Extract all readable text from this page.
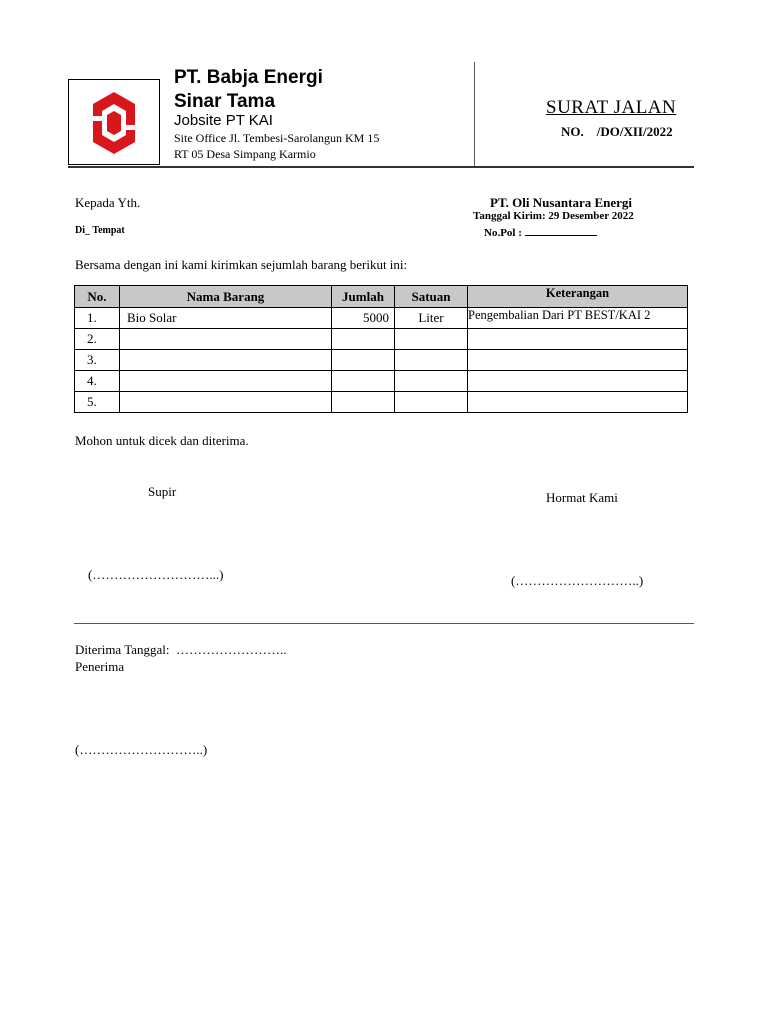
PT. Babja Energi
Sinar Tama
Jobsite PT KAI
Site Office Jl. Tembesi-Sarolangun KM 15
RT 05 Desa Simpang Karmio
SURAT JALAN
NO.    /DO/XII/2022
Kepada Yth.
Di_ Tempat
PT. Oli Nusantara Energi
Tanggal Kirim: 29 Desember 2022
No.Pol :
Bersama dengan ini kami kirimkan sejumlah barang berikut ini:
No.	Nama Barang	Jumlah	Satuan	Keterangan
1.	Bio Solar	5000	Liter	Pengembalian Dari PT BEST/KAI 2
2.				
3.				
4.				
5.				
Mohon untuk dicek dan diterima.
Supir	Hormat Kami
(………………………...)	(………………………..)
Diterima Tanggal:  ……………………..
Penerima
(………………………..)
